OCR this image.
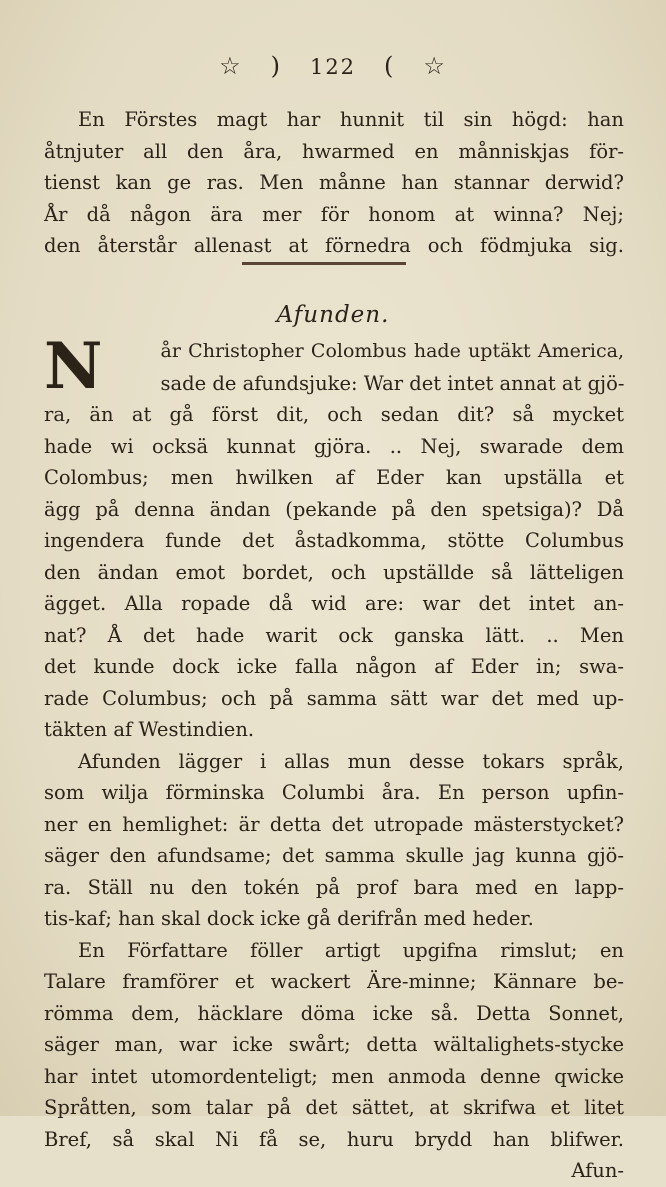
☆ ) 122 ( ☆
En Förstes magt har hunnit til sin högd: han
åtnjuter all den åra, hwarmed en månniskjas för-
tienst kan ge ras. Men månne han stannar derwid?
År då någon ära mer för honom at winna? Nej;
den återstår allenast at förnedra och födmjuka sig.
Afunden.
N	år Christopher Colombus hade uptäkt America,
sade de afundsjuke: War det intet annat at gjö-
ra, än at gå först dit, och sedan dit? så mycket
hade wi ocksä kunnat gjöra. .. Nej, swarade dem
Colombus; men hwilken af Eder kan upställa et
ägg på denna ändan (pekande på den spetsiga)? Då
ingendera funde det åstadkomma, stötte Columbus
den ändan emot bordet, och upställde så lätteligen
ägget. Alla ropade då wid are: war det intet an-
nat? Å det hade warit ock ganska lätt. .. Men
det kunde dock icke falla någon af Eder in; swa-
rade Columbus; och på samma sätt war det med up-
täkten af Westindien.
Afunden lägger i allas mun desse tokars språk,
som wilja förminska Columbi åra. En person upfin-
ner en hemlighet: är detta det utropade mästerstycket?
säger den afundsame; det samma skulle jag kunna gjö-
ra. Ställ nu den tokén på prof bara med en lapp-
tis-kaf; han skal dock icke gå derifrån med heder.
En Författare föller artigt upgifna rimslut; en
Talare framförer et wackert Äre-minne; Kännare be-
römma dem, häcklare döma icke så. Detta Sonnet,
säger man, war icke swårt; detta wältalighets-stycke
har intet utomordenteligt; men anmoda denne qwicke
Språtten, som talar på det sättet, at skrifwa et litet
Bref, så skal Ni få se, huru brydd han blifwer.
Afun-
